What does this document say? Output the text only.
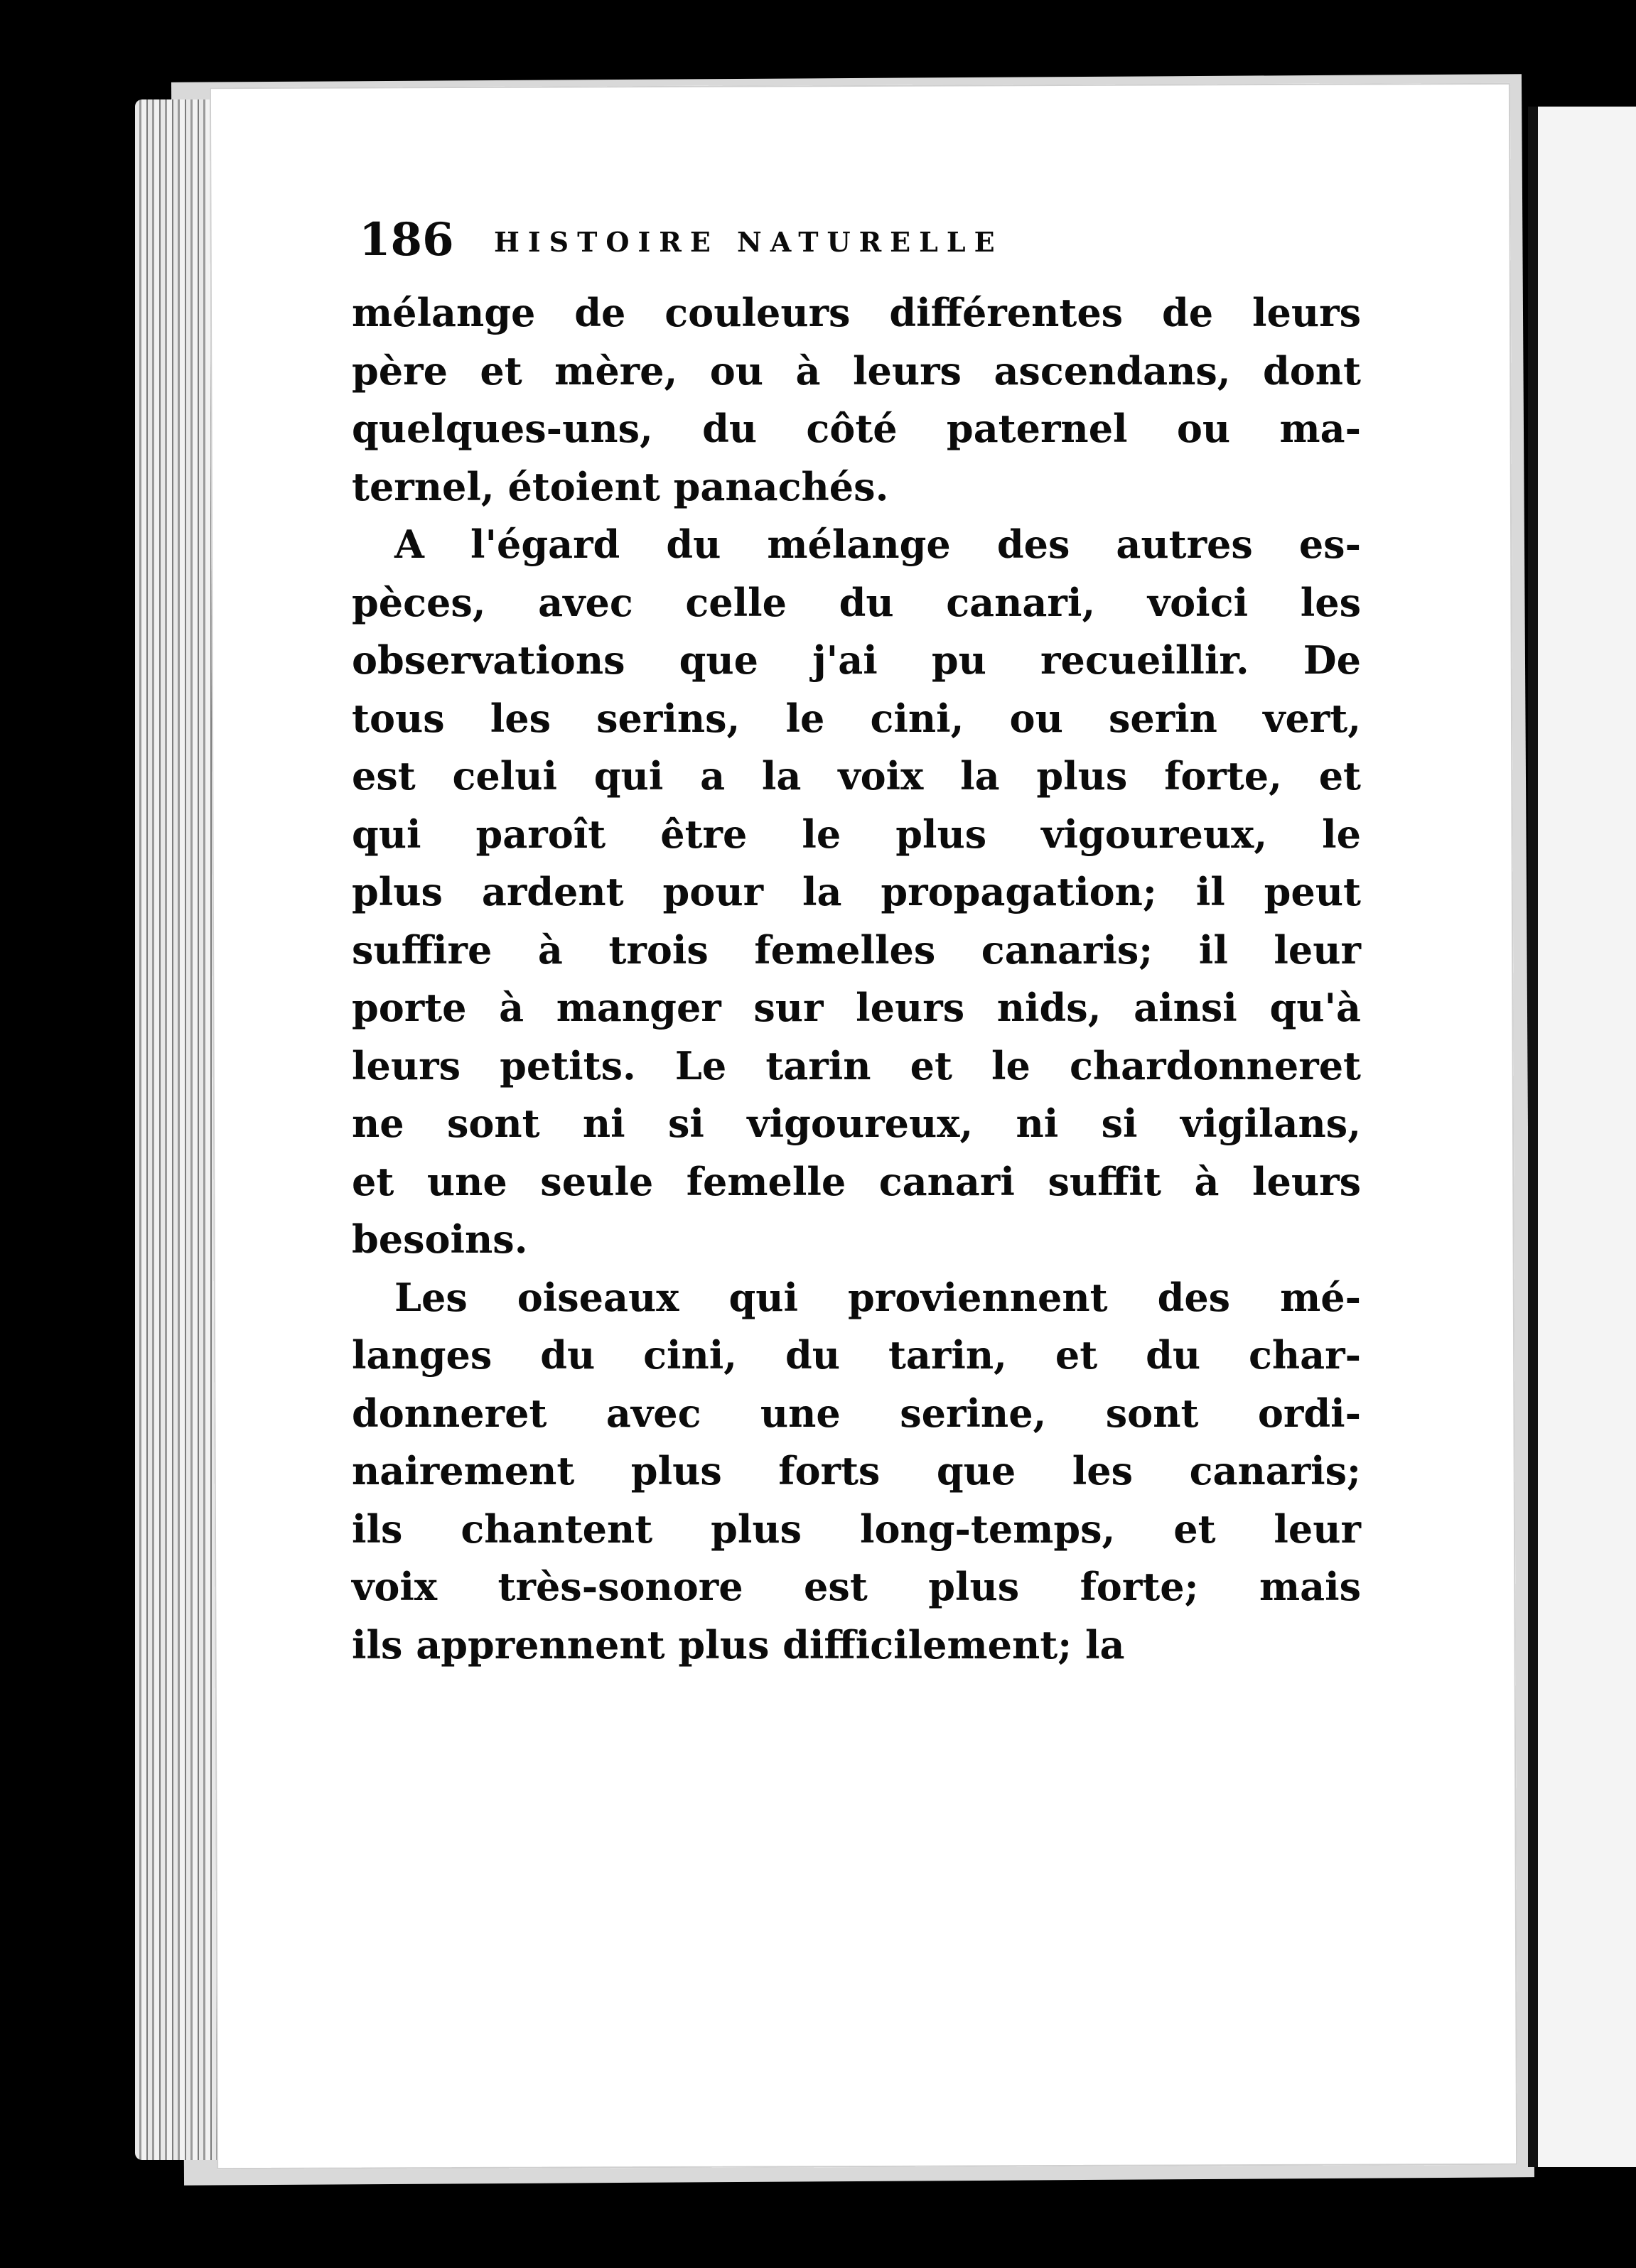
186 HISTOIRE NATURELLE
mélange de couleurs différentes de leurs
père et mère, ou à leurs ascendans, dont
quelques-uns, du côté paternel ou ma-
ternel, étoient panachés.
A l'égard du mélange des autres es-
pèces, avec celle du canari, voici les
observations que j'ai pu recueillir. De
tous les serins, le cini, ou serin vert,
est celui qui a la voix la plus forte, et
qui paroît être le plus vigoureux, le
plus ardent pour la propagation; il peut
suffire à trois femelles canaris; il leur
porte à manger sur leurs nids, ainsi qu'à
leurs petits. Le tarin et le chardonneret
ne sont ni si vigoureux, ni si vigilans,
et une seule femelle canari suffit à leurs
besoins.
Les oiseaux qui proviennent des mé-
langes du cini, du tarin, et du char-
donneret avec une serine, sont ordi-
nairement plus forts que les canaris;
ils chantent plus long-temps, et leur
voix très-sonore est plus forte; mais
ils apprennent plus difficilement; la
